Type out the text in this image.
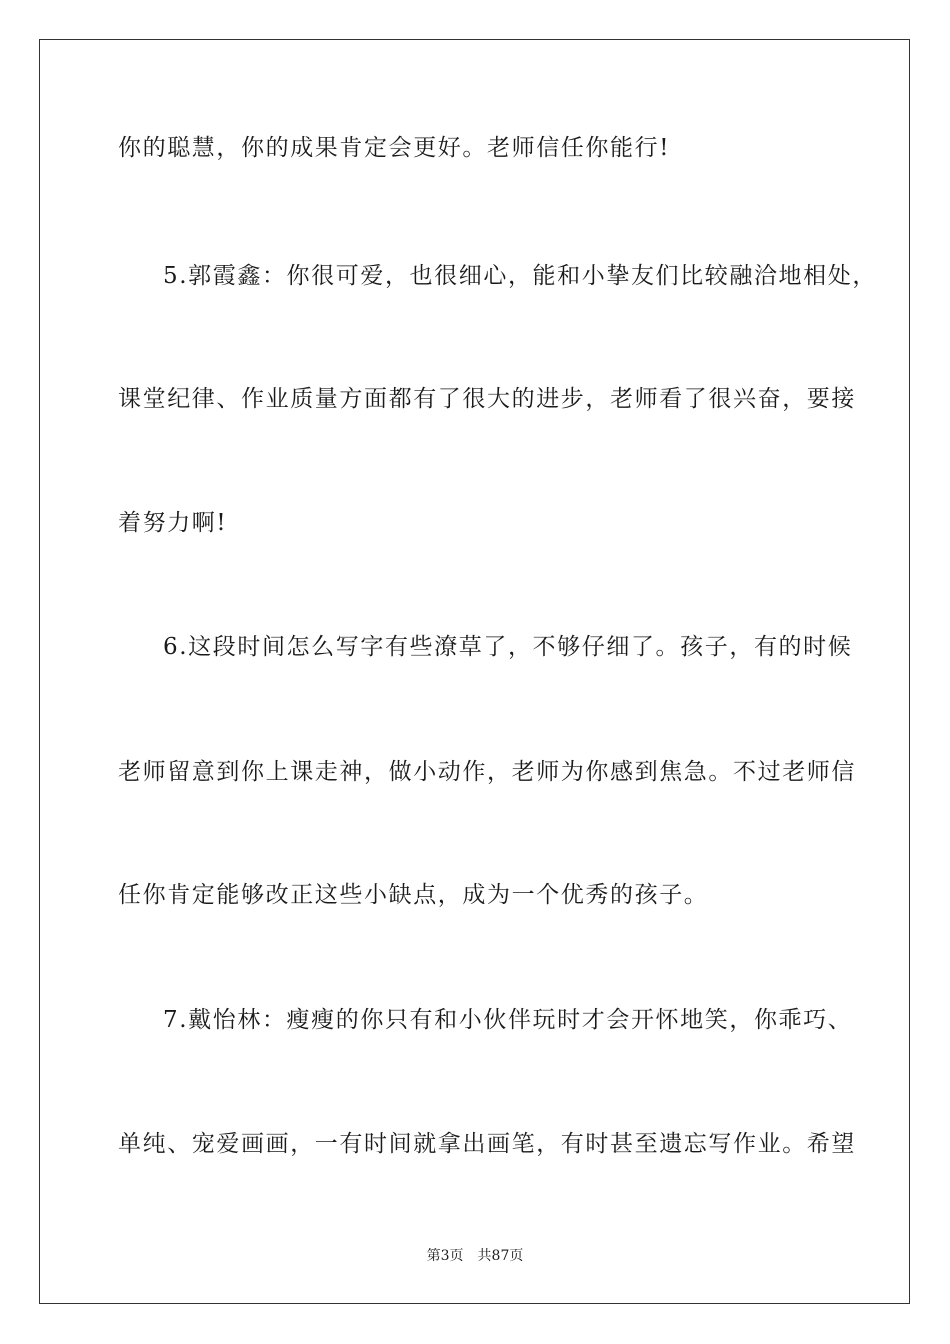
你的聪慧，你的成果肯定会更好。老师信任你能行!
5.郭霞鑫：你很可爱，也很细心，能和小挚友们比较融洽地相处，
课堂纪律、作业质量方面都有了很大的进步，老师看了很兴奋，要接
着努力啊!
6.这段时间怎么写字有些潦草了，不够仔细了。孩子，有的时候
老师留意到你上课走神，做小动作，老师为你感到焦急。不过老师信
任你肯定能够改正这些小缺点，成为一个优秀的孩子。
7.戴怡林：瘦瘦的你只有和小伙伴玩时才会开怀地笑，你乖巧、
单纯、宠爱画画，一有时间就拿出画笔，有时甚至遗忘写作业。希望
第3页 共87页
